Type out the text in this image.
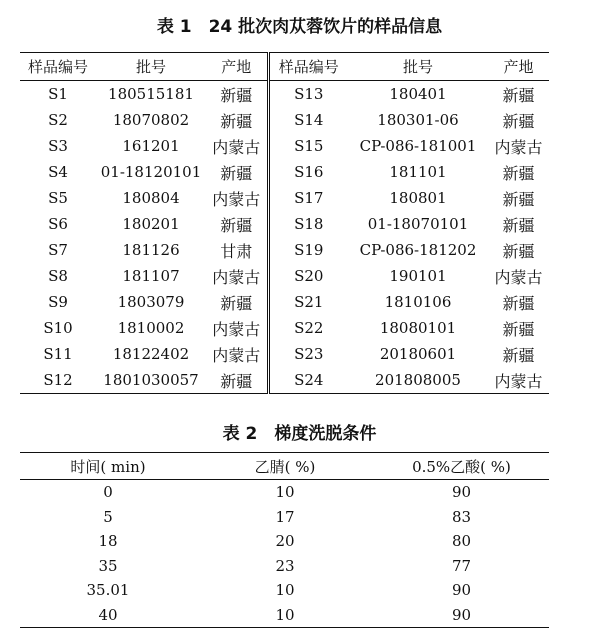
表 1　24 批次肉苁蓉饮片的样品信息
样品编号	批号	产地	样品编号	批号	产地
S1	180515181	新疆	S13	180401	新疆
S2	18070802	新疆	S14	180301-06	新疆
S3	161201	内蒙古	S15	CP-086-181001	内蒙古
S4	01-18120101	新疆	S16	181101	新疆
S5	180804	内蒙古	S17	180801	新疆
S6	180201	新疆	S18	01-18070101	新疆
S7	181126	甘肃	S19	CP-086-181202	新疆
S8	181107	内蒙古	S20	190101	内蒙古
S9	1803079	新疆	S21	1810106	新疆
S10	1810002	内蒙古	S22	18080101	新疆
S11	18122402	内蒙古	S23	20180601	新疆
S12	1801030057	新疆	S24	201808005	内蒙古
表 2　梯度洗脱条件
时间( min)	乙腈( %)	0.5%乙酸( %)
0	10	90
5	17	83
18	20	80
35	23	77
35.01	10	90
40	10	90
